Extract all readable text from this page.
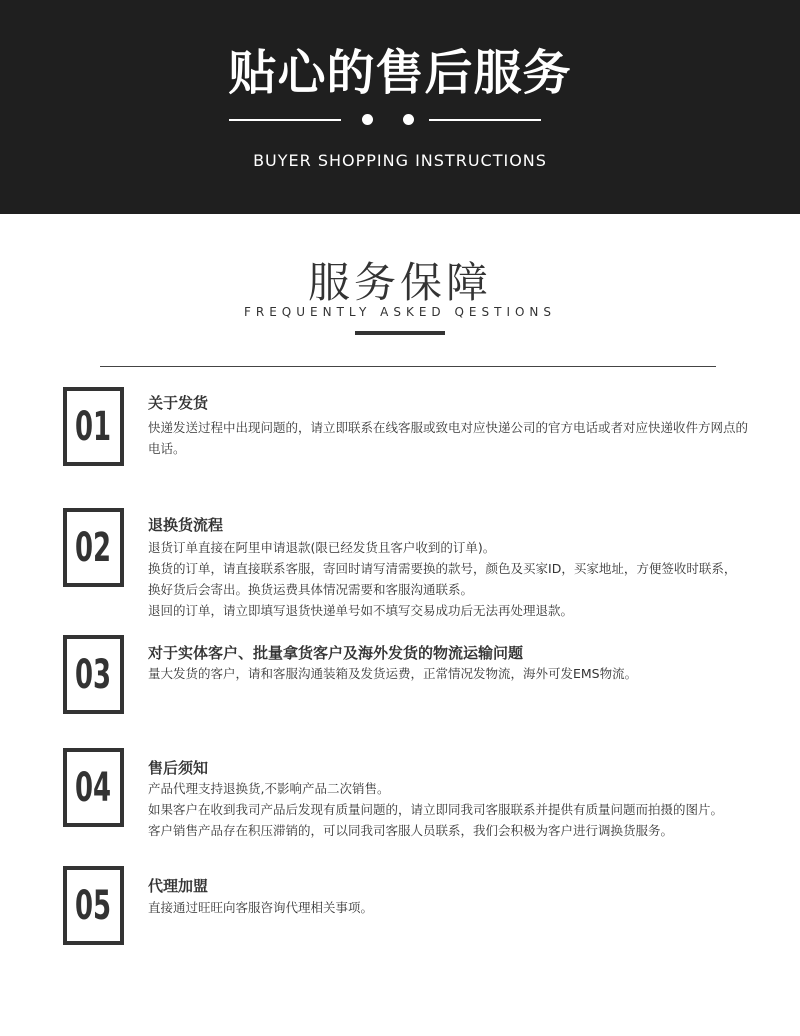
贴心的售后服务
BUYER SHOPPING INSTRUCTIONS
服务保障
FREQUENTLY ASKED QESTIONS
01
关于发货

快递发送过程中出现问题的，请立即联系在线客服或致电对应快递公司的官方电话或者对应快递收件方网点的电话。

02 退换货流程

退货订单直接在阿里申请退款(限已经发货且客户收到的订单)。

换货的订单，请直接联系客服，寄回时请写清需要换的款号，颜色及买家ID，买家地址，方便签收时联系，换好货后会寄出。换货运费具体情况需要和客服沟通联系。

退回的订单，请立即填写退货快递单号如不填写交易成功后无法再处理退款。

03 对于实体客户、批量拿货客户及海外发货的物流运输问题

量大发货的客户，请和客服沟通装箱及发货运费，正常情况发物流，海外可发EMS物流。

04 售后须知

产品代理支持退换货,不影响产品二次销售。

如果客户在收到我司产品后发现有质量问题的，请立即同我司客服联系并提供有质量问题而拍摄的图片。

客户销售产品存在积压滞销的，可以同我司客服人员联系，我们会积极为客户进行调换货服务。

05 代理加盟

直接通过旺旺向客服咨询代理相关事项。
